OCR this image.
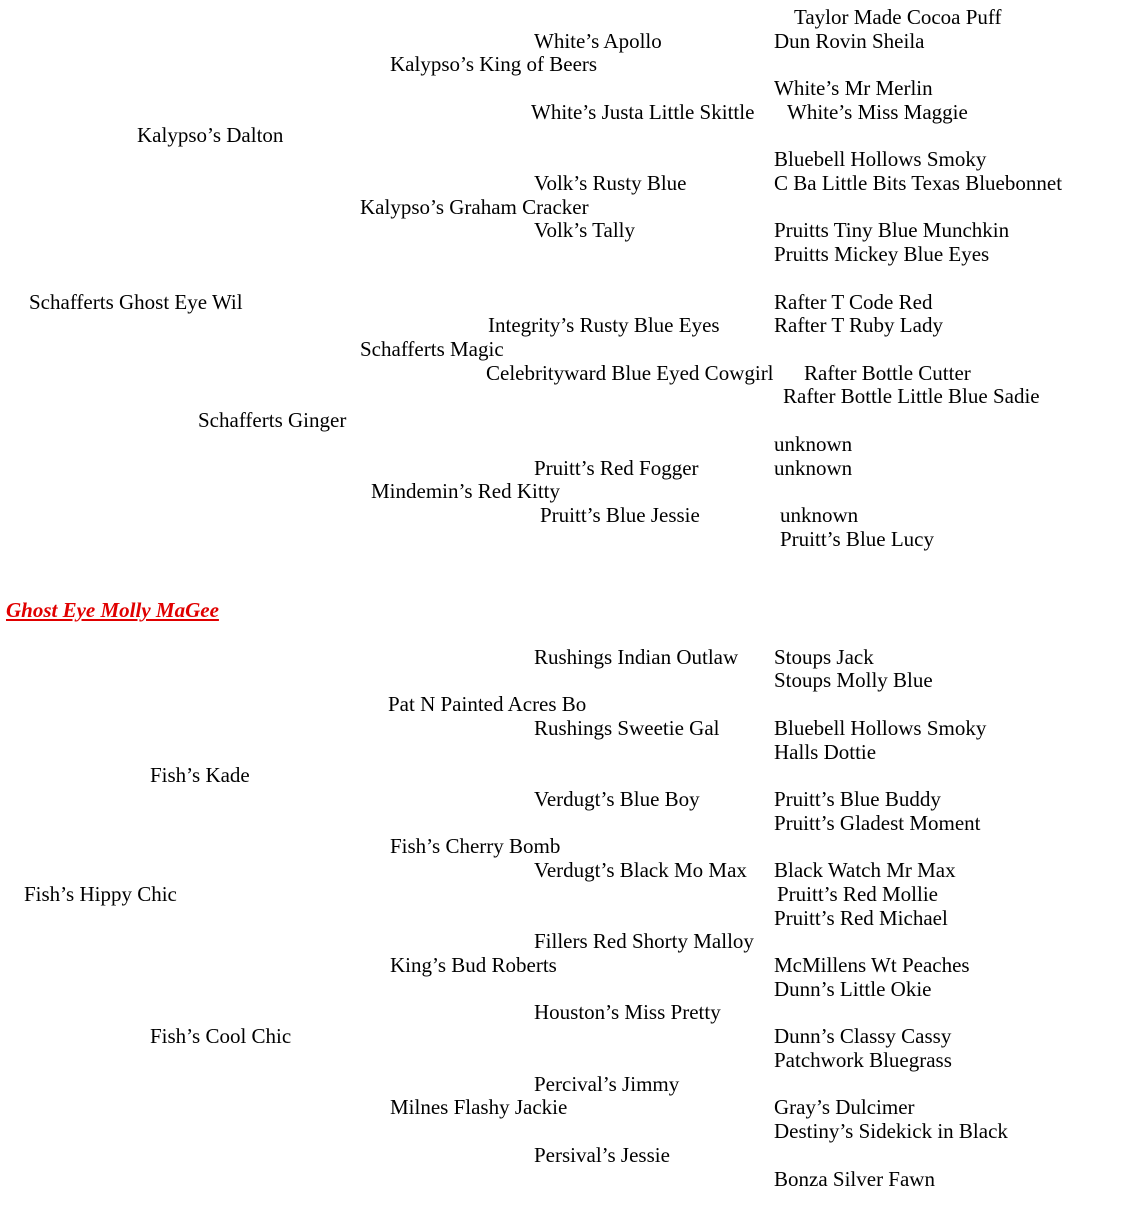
Taylor Made Cocoa Puff
Dun Rovin Sheila
White’s Mr Merlin
White’s Miss Maggie
Bluebell Hollows Smoky
C Ba Little Bits Texas Bluebonnet
Pruitts Tiny Blue Munchkin
Pruitts Mickey Blue Eyes
Rafter T Code Red
Rafter T Ruby Lady
Rafter Bottle Cutter
Rafter Bottle Little Blue Sadie
unknown
unknown
unknown
Pruitt’s Blue Lucy
White’s Apollo
White’s Justa Little Skittle
Volk’s Rusty Blue
Volk’s Tally
Integrity’s Rusty Blue Eyes
Celebrityward Blue Eyed Cowgirl
Pruitt’s Red Fogger
Pruitt’s Blue Jessie
Kalypso’s King of Beers
Kalypso’s Graham Cracker
Schafferts Magic
Mindemin’s Red Kitty
Kalypso’s Dalton
Schafferts Ginger
Schafferts Ghost Eye Wil
Ghost Eye Molly MaGee
Stoups Jack
Stoups Molly Blue
Bluebell Hollows Smoky
Halls Dottie
Pruitt’s Blue Buddy
Pruitt’s Gladest Moment
Black Watch Mr Max
Pruitt’s Red Mollie
Pruitt’s Red Michael
McMillens Wt Peaches
Dunn’s Little Okie
Dunn’s Classy Cassy
Patchwork Bluegrass
Gray’s Dulcimer
Destiny’s Sidekick in Black
Bonza Silver Fawn
Rushings Indian Outlaw
Rushings Sweetie Gal
Verdugt’s Blue Boy
Verdugt’s Black Mo Max
Fillers Red Shorty Malloy
Houston’s Miss Pretty
Percival’s Jimmy
Persival’s Jessie
Pat N Painted Acres Bo
Fish’s Cherry Bomb
King’s Bud Roberts
Milnes Flashy Jackie
Fish’s Kade
Fish’s Cool Chic
Fish’s Hippy Chic
